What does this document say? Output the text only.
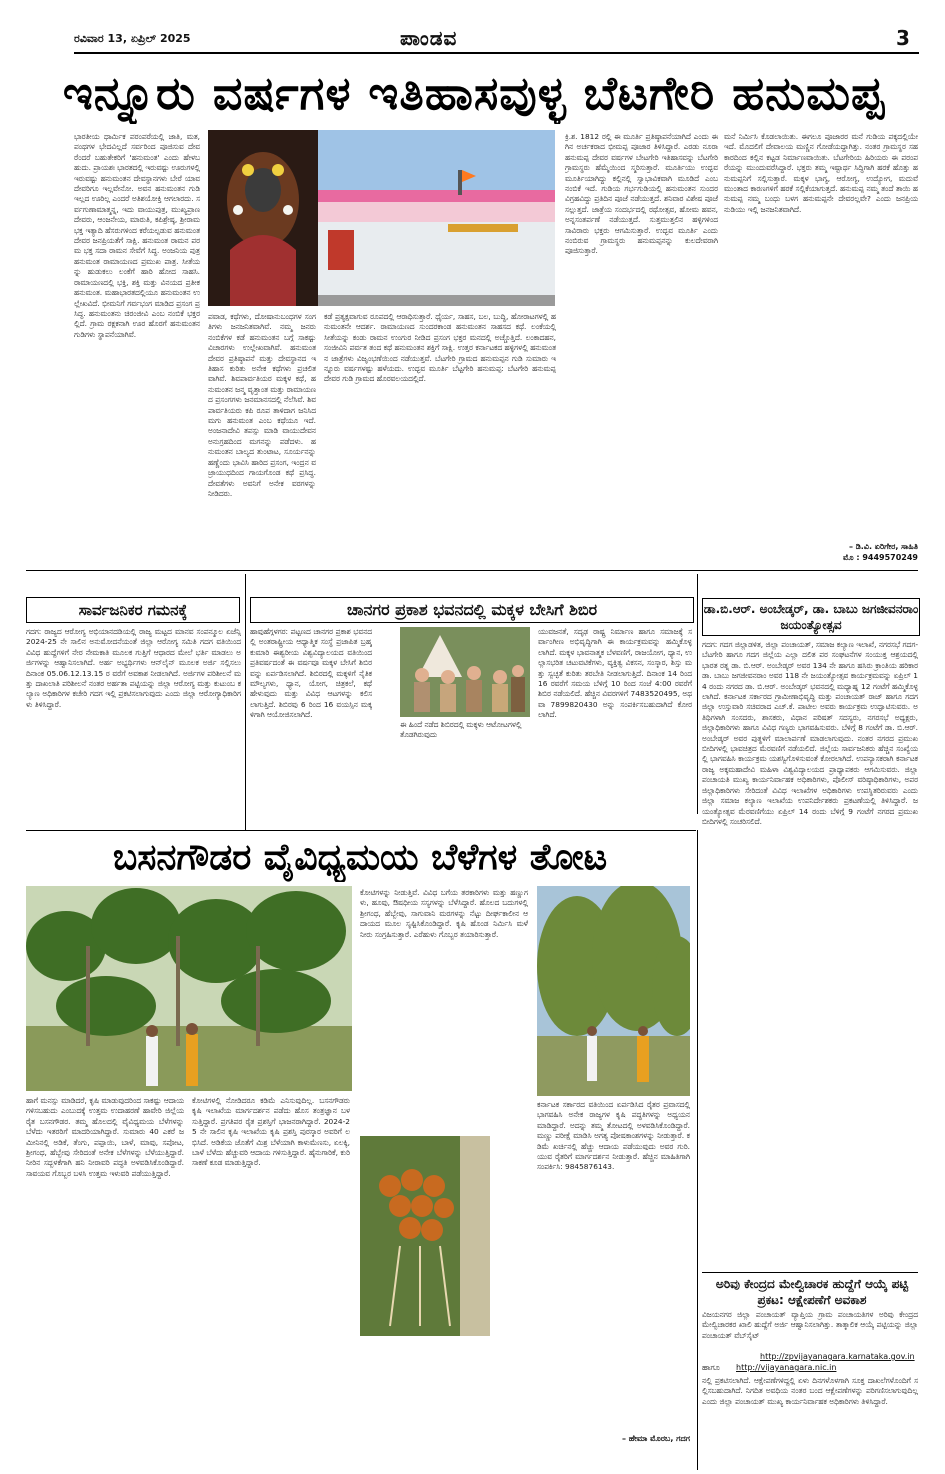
ರವಿವಾರ 13, ಏಪ್ರಿಲ್ 2025	ಪಾಂಡವ	3
ಇನ್ನೂರು ವರ್ಷಗಳ ಇತಿಹಾಸವುಳ್ಳ ಬೆಟಗೇರಿ ಹನುಮಪ್ಪ
ಪವಾಡ, ಕಥೆಗಳು, ದೋಷಾನುಬಂಧಗಳ ಸಂಗತಿಗಳು ಜನಜನಿತವಾಗಿವೆ. ನಮ್ಮ ಜನರು ನಂಬಿಕೆಗಳ ಕಡೆ ಹನುಮಂತನ ಬಗ್ಗೆ ಸಾಕಷ್ಟು ವಿಚಾರಗಳು ಉಲ್ಲೇಖವಾಗಿವೆ. ಹನುಮಂತ ದೇವರ ಪ್ರತಿಷ್ಠಾಪನೆ ಮತ್ತು ದೇವಸ್ಥಾನದ ಇತಿಹಾಸ ಕುರಿತು ಅನೇಕ ಕಥೆಗಳು ಪ್ರಚಲಿತವಾಗಿವೆ. ಶಿವಪಾರ್ವತಿಯರ ಮಕ್ಕಳ ಕಥೆ, ಹನುಮಂತನ ಜನ್ಮ ವೃತ್ತಾಂತ ಮತ್ತು ರಾಮಾಯಣದ ಪ್ರಸಂಗಗಳು ಜನಮಾನಸದಲ್ಲಿ ನೆಲೆಸಿವೆ. ಶಿವಪಾರ್ವತಿಯರು ಕಪಿ ರೂಪ ತಾಳಿದಾಗ ಜನಿಸಿದ ಮಗು ಹನುಮಂತ ಎಂಬ ಕಥೆಯೂ ಇದೆ. ಅಂಜನಾದೇವಿ ತಪಸ್ಸು ಮಾಡಿ ವಾಯುದೇವನ ಅನುಗ್ರಹದಿಂದ ಮಗನನ್ನು ಪಡೆದಳು. ಹನುಮಂತನ ಬಾಲ್ಯದ ತುಂಟಾಟ, ಸೂರ್ಯನನ್ನು ಹಣ್ಣೆಂದು ಭಾವಿಸಿ ಹಾರಿದ ಪ್ರಸಂಗ, ಇಂದ್ರನ ವಜ್ರಾಯುಧದಿಂದ ಗಾಯಗೊಂಡ ಕಥೆ ಪ್ರಸಿದ್ಧ. ದೇವತೆಗಳು ಅವನಿಗೆ ಅನೇಕ ವರಗಳನ್ನು ನೀಡಿದರು.
ಭಾರತೀಯ ಧಾರ್ಮಿಕ ಪರಂಪರೆಯಲ್ಲಿ ಜಾತಿ, ಮತ, ಪಂಥಗಳ ಭೇದವಿಲ್ಲದೆ ಸರ್ವರಿಂದ ಪೂಜಿಸುವ ದೇವರೆಂದರೆ ಬಹುತೇಕರಿಗೆ 'ಹನುಮಂತ' ಎಂದು ಹೇಳಬಹುದು. ಪ್ರಾಯಶಃ ಭಾರತದಲ್ಲಿ ಇರುವಷ್ಟು ಊರುಗಳಲ್ಲಿ ಇರುವಷ್ಟು ಹನುಮಂತನ ದೇವಸ್ಥಾನಗಳು ಬೇರೆ ಯಾವ ದೇವರಿಗೂ ಇಲ್ಲವೇನೋ. ಅವನ ಹನುಮಂತನ ಗುಡಿ ಇಲ್ಲದ ಊರಿಲ್ಲ ಎಂದರೆ ಅತಿಶಯೋಕ್ತಿ ಆಗಲಾರದು. ಸರ್ವಗುಣಾಮಾತ್ಮನ್ನ, ಇದು ವಾಯುಪುತ್ರ, ಮುಖ್ಯಪ್ರಾಣದೇವರು, ಆಂಜನೇಯ, ಮಾರುತಿ, ಕಪಿಶ್ರೇಷ್ಠ, ಶ್ರೀರಾಮಭಕ್ತ ಇತ್ಯಾದಿ ಹೆಸರುಗಳಿಂದ ಕರೆಯಲ್ಪಡುವ ಹನುಮಂತ ದೇವರ ಜನಪ್ರಿಯತೆಗೆ ಸಾಕ್ಷಿ. ಹನುಮಂತ ರಾಮನ ಪರಮ ಭಕ್ತ ಸದಾ ರಾಮನ ಸೇವೆಗೆ ಸಿದ್ಧ. ಅಂಜನಿಯ ಪುತ್ರ ಹನುಮಂತ ರಾಮಾಯಣದ ಪ್ರಮುಖ ಪಾತ್ರ. ಸೀತೆಯನ್ನು ಹುಡುಕಲು ಲಂಕೆಗೆ ಹಾರಿ ಹೋದ ಸಾಹಸಿ. ರಾಮಾಯಣದಲ್ಲಿ ಭಕ್ತಿ, ಶಕ್ತಿ ಮತ್ತು ವಿನಯದ ಪ್ರತೀಕ ಹನುಮಂತ. ಮಹಾಭಾರತದಲ್ಲಿಯೂ ಹನುಮಂತನ ಉಲ್ಲೇಖವಿದೆ. ಭೀಮನಿಗೆ ಗರ್ವಭಂಗ ಮಾಡಿದ ಪ್ರಸಂಗ ಪ್ರಸಿದ್ಧ. ಹನುಮಂತನು ಚಿರಂಜೀವಿ ಎಂಬ ನಂಬಿಕೆ ಭಕ್ತರಲ್ಲಿದೆ. ಗ್ರಾಮ ರಕ್ಷಕನಾಗಿ ಊರ ಹೊರಗೆ ಹನುಮಂತನ ಗುಡಿಗಳು ಸ್ಥಾಪನೆಯಾಗಿವೆ.
ಕಡೆ ಪ್ರತ್ಯಕ್ಷವಾಗುವ ರೂಪದಲ್ಲಿ ಆರಾಧಿಸುತ್ತಾರೆ. ಧೈರ್ಯ, ಸಾಹಸ, ಬಲ, ಬುದ್ಧಿ, ಹೋರಾಟಗಳಲ್ಲಿ ಹನುಮಂತನೇ ಆದರ್ಶ. ರಾಮಾಯಣದ ಸುಂದರಕಾಂಡ ಹನುಮಂತನ ಸಾಹಸದ ಕಥೆ. ಲಂಕೆಯಲ್ಲಿ ಸೀತೆಯನ್ನು ಕಂಡು ರಾಮನ ಉಂಗುರ ನೀಡಿದ ಪ್ರಸಂಗ ಭಕ್ತರ ಮನದಲ್ಲಿ ಅಚ್ಚೊತ್ತಿದೆ. ಲಂಕಾದಹನ, ಸಂಜೀವಿನಿ ಪರ್ವತ ತಂದ ಕಥೆ ಹನುಮಂತನ ಶಕ್ತಿಗೆ ಸಾಕ್ಷಿ. ಉತ್ತರ ಕರ್ನಾಟಕದ ಹಳ್ಳಿಗಳಲ್ಲಿ ಹನುಮಂತನ ಜಾತ್ರೆಗಳು ವಿಜೃಂಭಣೆಯಿಂದ ನಡೆಯುತ್ತವೆ. ಬೆಟಗೇರಿ ಗ್ರಾಮದ ಹನುಮಪ್ಪನ ಗುಡಿ ಸುಮಾರು ಇನ್ನೂರು ವರ್ಷಗಳಷ್ಟು ಹಳೆಯದು. ಉದ್ಭವ ಮೂರ್ತಿ ಬೆಟ್ಟಗೇರಿ ಹನುಮಪ್ಪ: ಬೆಟಗೇರಿ ಹನುಮಪ್ಪ ದೇವರ ಗುಡಿ ಗ್ರಾಮದ ಹೊರವಲಯದಲ್ಲಿದೆ.
ಕ್ರಿ.ಶ. 1812 ರಲ್ಲಿ ಈ ಮೂರ್ತಿ ಪ್ರತಿಷ್ಠಾಪನೆಯಾಗಿದೆ ಎಂದು ಈಗಿನ ಅರ್ಚಕರಾದ ಭೀಮಪ್ಪ ಪೂಜಾರ ತಿಳಿಸಿದ್ದಾರೆ. ಎರಡು ನೂರಾ ಹನುಮಪ್ಪ ದೇವರ ವರ್ಷಗಳ ಬೇಟಗೇರಿ ಇತಿಹಾಸವನ್ನು ಬೆಟಗೇರಿ ಗ್ರಾಮಸ್ಥರು ಹೆಮ್ಮೆಯಿಂದ ಸ್ಮರಿಸುತ್ತಾರೆ. ಮೂರ್ತಿಯು ಉದ್ಭವ ಮೂರ್ತಿಯಾಗಿದ್ದು ಕಲ್ಲಿನಲ್ಲಿ ಸ್ವಾಭಾವಿಕವಾಗಿ ಮೂಡಿದೆ ಎಂಬ ನಂಬಿಕೆ ಇದೆ. ಗುಡಿಯ ಗರ್ಭಗುಡಿಯಲ್ಲಿ ಹನುಮಂತನ ಸುಂದರ ವಿಗ್ರಹವಿದ್ದು ಪ್ರತಿದಿನ ಪೂಜೆ ನಡೆಯುತ್ತದೆ. ಶನಿವಾರ ವಿಶೇಷ ಪೂಜೆ ಸಲ್ಲುತ್ತದೆ. ಜಾತ್ರೆಯ ಸಂದರ್ಭದಲ್ಲಿ ರಥೋತ್ಸವ, ಹೋಮ ಹವನ, ಅನ್ನಸಂತರ್ಪಣೆ ನಡೆಯುತ್ತದೆ. ಸುತ್ತಮುತ್ತಲಿನ ಹಳ್ಳಿಗಳಿಂದ ಸಾವಿರಾರು ಭಕ್ತರು ಆಗಮಿಸುತ್ತಾರೆ. ಉದ್ಭವ ಮೂರ್ತಿ ಎಂದು ನಂಬಿರುವ ಗ್ರಾಮಸ್ಥರು ಹನುಮಪ್ಪನನ್ನು ಕುಲದೇವರಾಗಿ ಪೂಜಿಸುತ್ತಾರೆ.
ಮನೆ ನಿರ್ಮಿಸಿ ಕೊಡಲಾಯಿತು. ಈಗಲೂ ಪೂಜಾರರ ಮನೆ ಗುಡಿಯ ಪಕ್ಕದಲ್ಲಿಯೇ ಇದೆ. ಮೊದಲಿಗೆ ದೇವಾಲಯ ಮಣ್ಣಿನ ಗೋಡೆಯದ್ದಾಗಿತ್ತು. ನಂತರ ಗ್ರಾಮಸ್ಥರ ಸಹಕಾರದಿಂದ ಕಲ್ಲಿನ ಕಟ್ಟಡ ನಿರ್ಮಾಣವಾಯಿತು. ಬೆಟಗೇರಿಯ ಹಿರಿಯರು ಈ ಪರಂಪರೆಯನ್ನು ಮುಂದುವರೆಸಿದ್ದಾರೆ. ಭಕ್ತರು ತಮ್ಮ ಇಷ್ಟಾರ್ಥ ಸಿದ್ಧಿಗಾಗಿ ಹರಕೆ ಹೊತ್ತು ಹನುಮಪ್ಪನಿಗೆ ಸಲ್ಲಿಸುತ್ತಾರೆ. ಮಕ್ಕಳ ಭಾಗ್ಯ, ಆರೋಗ್ಯ, ಉದ್ಯೋಗ, ಮದುವೆ ಮುಂತಾದ ಕಾರಣಗಳಿಗೆ ಹರಕೆ ಸಲ್ಲಿಕೆಯಾಗುತ್ತದೆ. ಹನುಮಪ್ಪ ನಮ್ಮ ತಂದೆ ತಾಯಿ ಹನುಮಪ್ಪ ನಮ್ಮ ಬಂಧು ಬಳಗ ಹನುಮಪ್ಪನೇ ದೇವರಲ್ಲವೇ? ಎಂದು ಜನಪ್ರಿಯ ನುಡಿಯು ಇಲ್ಲಿ ಜನಜನಿತವಾಗಿದೆ.
– ಡಿ.ವಿ. ಏರಿಗೇರ, ಸಾಹಿತಿ
ಮೊ : 9449570249
ಸಾರ್ವಜನಿಕರ ಗಮನಕ್ಕೆ
ಗದಗ: ರಾಜ್ಯದ ಆರೋಗ್ಯ ಅಭಿಯಾನದಡಿಯಲ್ಲಿ ರಾಜ್ಯ ಮಟ್ಟದ ಮಾನವ ಸಂಪನ್ಮೂಲ ಏಜೆನ್ಸಿ 2024-25 ನೇ ಸಾಲಿನ ಅನುಮೋದನೆಯಂತೆ ಜಿಲ್ಲಾ ಆರೋಗ್ಯ ಸಮಿತಿ ಗದಗ ವತಿಯಿಂದ ವಿವಿಧ ಹುದ್ದೆಗಳಿಗೆ ನೇರ ನೇಮಕಾತಿ ಮೂಲಕ ಗುತ್ತಿಗೆ ಆಧಾರದ ಮೇಲೆ ಭರ್ತಿ ಮಾಡಲು ಅರ್ಜಿಗಳನ್ನು ಆಹ್ವಾನಿಸಲಾಗಿದೆ. ಅರ್ಹ ಅಭ್ಯರ್ಥಿಗಳು ಆನ್‌ಲೈನ್ ಮೂಲಕ ಅರ್ಜಿ ಸಲ್ಲಿಸಲು ದಿನಾಂಕ 05.06.12.13.15 ರ ವರೆಗೆ ಅವಕಾಶ ನೀಡಲಾಗಿದೆ. ಅರ್ಜಿಗಳ ಪರಿಶೀಲನೆ ಮತ್ತು ದಾಖಲಾತಿ ಪರಿಶೀಲನೆ ನಂತರ ಅರ್ಹತಾ ಪಟ್ಟಿಯನ್ನು ಜಿಲ್ಲಾ ಆರೋಗ್ಯ ಮತ್ತು ಕುಟುಂಬ ಕಲ್ಯಾಣ ಅಧಿಕಾರಿಗಳ ಕಚೇರಿ ಗದಗ ಇಲ್ಲಿ ಪ್ರಕಟಿಸಲಾಗುವುದು ಎಂದು ಜಿಲ್ಲಾ ಆರೋಗ್ಯಾಧಿಕಾರಿಗಳು ತಿಳಿಸಿದ್ದಾರೆ.
ಚಾನಗರ ಪ್ರಕಾಶ ಭವನದಲ್ಲಿ ಮಕ್ಕಳ ಬೇಸಿಗೆ ಶಿಬಿರ
ಹಾವುಹೆಗ್ಗಳಗರ: ಪಟ್ಟಣದ ಚಾನಗರ ಪ್ರಕಾಶ ಭವನದಲ್ಲಿ ಅಂತರಾಷ್ಟ್ರೀಯ ಆಧ್ಯಾತ್ಮಿಕ ಸಂಸ್ಥೆ ಪ್ರಜಾಪಿತ ಬ್ರಹ್ಮಕುಮಾರಿ ಈಶ್ವರೀಯ ವಿಶ್ವವಿದ್ಯಾಲಯದ ವತಿಯಿಂದ ಪ್ರತಿವರ್ಷದಂತೆ ಈ ವರ್ಷವೂ ಮಕ್ಕಳ ಬೇಸಿಗೆ ಶಿಬಿರವನ್ನು ಏರ್ಪಡಿಸಲಾಗಿದೆ. ಶಿಬಿರದಲ್ಲಿ ಮಕ್ಕಳಿಗೆ ನೈತಿಕ ಮೌಲ್ಯಗಳು, ಧ್ಯಾನ, ಯೋಗ, ಚಿತ್ರಕಲೆ, ಕಥೆ ಹೇಳುವುದು ಮತ್ತು ವಿವಿಧ ಆಟಗಳನ್ನು ಕಲಿಸಲಾಗುತ್ತಿದೆ. ಶಿಬಿರವು 6 ರಿಂದ 16 ವಯಸ್ಸಿನ ಮಕ್ಕಳಿಗಾಗಿ ಆಯೋಜಿಸಲಾಗಿದೆ.
ಈ ಹಿಂದೆ ನಡೆದ ಶಿಬಿರದಲ್ಲಿ ಮಕ್ಕಳು ಆಟೋಟಗಳಲ್ಲಿ ತೊಡಗಿರುವುದು
ಯುವಜನತೆ, ಸದೃಢ ರಾಷ್ಟ್ರ ನಿರ್ಮಾಣ ಹಾಗೂ ಸಮಾಜಕ್ಕೆ ಸರ್ವಾಂಗೀಣ ಅಭಿವೃದ್ಧಿಗಾಗಿ ಈ ಕಾರ್ಯಕ್ರಮವನ್ನು ಹಮ್ಮಿಕೊಳ್ಳಲಾಗಿದೆ. ಮಕ್ಕಳ ಭಾವನಾತ್ಮಕ ಬೆಳವಣಿಗೆ, ರಾಜಯೋಗ, ಧ್ಯಾನ, ಉಲ್ಲಾಸಭರಿತ ಚಟುವಟಿಕೆಗಳು, ವ್ಯಕ್ತಿತ್ವ ವಿಕಸನ, ಸಂಸ್ಕಾರ, ಶಿಸ್ತು ಮತ್ತು ಸ್ವಚ್ಛತೆ ಕುರಿತು ತರಬೇತಿ ನೀಡಲಾಗುತ್ತಿದೆ. ದಿನಾಂಕ 14 ರಿಂದ 16 ರವರೆಗೆ ಸಮಯ ಬೆಳಿಗ್ಗೆ 10 ರಿಂದ ಸಂಜೆ 4:00 ರವರೆಗೆ ಶಿಬಿರ ನಡೆಯಲಿದೆ. ಹೆಚ್ಚಿನ ವಿವರಗಳಿಗೆ 7483520495, ಅಥವಾ 7899820430 ಅನ್ನು ಸಂಪರ್ಕಿಸಬಹುದಾಗಿದೆ ಕೋರಲಾಗಿದೆ.
ಡಾ.ಬಿ.ಆರ್. ಅಂಬೇಡ್ಕರ್, ಡಾ. ಬಾಬು ಜಗಜೀವನರಾಂ ಜಯಂತ್ಯೋತ್ಸವ
ಗದಗ: ಗದಗ ಜಿಲ್ಲಾಡಳಿತ, ಜಿಲ್ಲಾ ಪಂಚಾಯತ್, ಸಮಾಜ ಕಲ್ಯಾಣ ಇಲಾಖೆ, ನಗರಸಭೆ ಗದಗ-ಬೆಟಗೇರಿ ಹಾಗೂ ಗದಗ ಜಿಲ್ಲೆಯ ಎಲ್ಲಾ ದಲಿತ ಪರ ಸಂಘಟನೆಗಳ ಸಂಯುಕ್ತ ಆಶ್ರಯದಲ್ಲಿ ಭಾರತ ರತ್ನ ಡಾ. ಬಿ.ಆರ್. ಅಂಬೇಡ್ಕರ್ ಅವರ 134 ನೇ ಹಾಗೂ ಹಸಿರು ಕ್ರಾಂತಿಯ ಹರಿಕಾರ ಡಾ. ಬಾಬು ಜಗಜೀವನರಾಂ ಅವರ 118 ನೇ ಜಯಂತ್ಯೋತ್ಸವ ಕಾರ್ಯಕ್ರಮವನ್ನು ಏಪ್ರಿಲ್ 14 ರಂದು ನಗರದ ಡಾ. ಬಿ.ಆರ್. ಅಂಬೇಡ್ಕರ್ ಭವನದಲ್ಲಿ ಮಧ್ಯಾಹ್ನ 12 ಗಂಟೆಗೆ ಹಮ್ಮಿಕೊಳ್ಳಲಾಗಿದೆ. ಕರ್ನಾಟಕ ಸರ್ಕಾರದ ಗ್ರಾಮೀಣಾಭಿವೃದ್ಧಿ ಮತ್ತು ಪಂಚಾಯತ್ ರಾಜ್ ಹಾಗೂ ಗದಗ ಜಿಲ್ಲಾ ಉಸ್ತುವಾರಿ ಸಚಿವರಾದ ಎಚ್.ಕೆ. ಪಾಟೀಲ ಅವರು ಕಾರ್ಯಕ್ರಮ ಉದ್ಘಾಟಿಸುವರು. ಅತಿಥಿಗಳಾಗಿ ಸಂಸದರು, ಶಾಸಕರು, ವಿಧಾನ ಪರಿಷತ್ ಸದಸ್ಯರು, ನಗರಸಭೆ ಅಧ್ಯಕ್ಷರು, ಜಿಲ್ಲಾಧಿಕಾರಿಗಳು ಹಾಗೂ ವಿವಿಧ ಗಣ್ಯರು ಭಾಗವಹಿಸುವರು. ಬೆಳಿಗ್ಗೆ 8 ಗಂಟೆಗೆ ಡಾ. ಬಿ.ಆರ್. ಅಂಬೇಡ್ಕರ್ ಅವರ ಪುತ್ಥಳಿಗೆ ಮಾಲಾರ್ಪಣೆ ಮಾಡಲಾಗುವುದು. ನಂತರ ನಗರದ ಪ್ರಮುಖ ಬೀದಿಗಳಲ್ಲಿ ಭಾವಚಿತ್ರದ ಮೆರವಣಿಗೆ ನಡೆಯಲಿದೆ. ಜಿಲ್ಲೆಯ ಸಾರ್ವಜನಿಕರು ಹೆಚ್ಚಿನ ಸಂಖ್ಯೆಯಲ್ಲಿ ಭಾಗವಹಿಸಿ ಕಾರ್ಯಕ್ರಮ ಯಶಸ್ವಿಗೊಳಿಸುವಂತೆ ಕೋರಲಾಗಿದೆ. ಉಪನ್ಯಾಸಕರಾಗಿ ಕರ್ನಾಟಕ ರಾಜ್ಯ ಅಕ್ಕಮಹಾದೇವಿ ಮಹಿಳಾ ವಿಶ್ವವಿದ್ಯಾಲಯದ ಪ್ರಾಧ್ಯಾಪಕರು ಆಗಮಿಸುವರು. ಜಿಲ್ಲಾ ಪಂಚಾಯತಿ ಮುಖ್ಯ ಕಾರ್ಯನಿರ್ವಾಹಕ ಅಧಿಕಾರಿಗಳು, ಪೊಲೀಸ್ ವರಿಷ್ಠಾಧಿಕಾರಿಗಳು, ಅಪರ ಜಿಲ್ಲಾಧಿಕಾರಿಗಳು ಸೇರಿದಂತೆ ವಿವಿಧ ಇಲಾಖೆಗಳ ಅಧಿಕಾರಿಗಳು ಉಪಸ್ಥಿತರಿರುವರು ಎಂದು ಜಿಲ್ಲಾ ಸಮಾಜ ಕಲ್ಯಾಣ ಇಲಾಖೆಯ ಉಪನಿರ್ದೇಶಕರು ಪ್ರಕಟಣೆಯಲ್ಲಿ ತಿಳಿಸಿದ್ದಾರೆ. ಜಯಂತ್ಯೋತ್ಸವ ಮೆರವಣಿಗೆಯು ಏಪ್ರಿಲ್ 14 ರಂದು ಬೆಳಿಗ್ಗೆ 9 ಗಂಟೆಗೆ ನಗರದ ಪ್ರಮುಖ ಬೀದಿಗಳಲ್ಲಿ ಸಂಚರಿಸಲಿದೆ.
ಬಸನಗೌಡರ ವೈವಿಧ್ಯಮಯ ಬೆಳೆಗಳ ತೋಟ
ಹಾಗೆ ಮನಸ್ಸು ಮಾಡಿದರೆ, ಕೃಷಿ ಮಾಡುವುದರಿಂದ ಸಾಕಷ್ಟು ಆದಾಯ ಗಳಿಸಬಹುದು ಎಂಬುದಕ್ಕೆ ಉತ್ತಮ ಉದಾಹರಣೆ ಹಾವೇರಿ ಜಿಲ್ಲೆಯ ರೈತ ಬಸನಗೌಡರ. ತಮ್ಮ ಹೊಲದಲ್ಲಿ ವೈವಿಧ್ಯಮಯ ಬೆಳೆಗಳನ್ನು ಬೆಳೆದು ಇತರರಿಗೆ ಮಾದರಿಯಾಗಿದ್ದಾರೆ. ಸುಮಾರು 40 ಎಕರೆ ಜಮೀನಿನಲ್ಲಿ ಅಡಿಕೆ, ತೆಂಗು, ಪಪ್ಪಾಯಿ, ಬಾಳೆ, ಮಾವು, ಸಪೋಟ, ಶ್ರೀಗಂಧ, ಹೆಬ್ಬೇವು ಸೇರಿದಂತೆ ಅನೇಕ ಬೆಳೆಗಳನ್ನು ಬೆಳೆಯುತ್ತಿದ್ದಾರೆ. ನೀರಿನ ಸದ್ಬಳಕೆಗಾಗಿ ಹನಿ ನೀರಾವರಿ ಪದ್ಧತಿ ಅಳವಡಿಸಿಕೊಂಡಿದ್ದಾರೆ. ಸಾವಯವ ಗೊಬ್ಬರ ಬಳಸಿ ಉತ್ತಮ ಇಳುವರಿ ಪಡೆಯುತ್ತಿದ್ದಾರೆ.
ಕೋಟಿಗಳಲ್ಲಿ ನೋಡಿದರೂ ಕಡಿಮೆ ಎನಿಸುವುದಿಲ್ಲ. ಬಸನಗೌಡರು ಕೃಷಿ ಇಲಾಖೆಯ ಮಾರ್ಗದರ್ಶನ ಪಡೆದು ಹೊಸ ತಂತ್ರಜ್ಞಾನ ಬಳಸುತ್ತಿದ್ದಾರೆ. ಪ್ರಗತಿಪರ ರೈತ ಪ್ರಶಸ್ತಿಗೆ ಭಾಜನರಾಗಿದ್ದಾರೆ. 2024-25 ನೇ ಸಾಲಿನ ಕೃಷಿ ಇಲಾಖೆಯ ಕೃಷಿ ಪ್ರಶಸ್ತಿ ಪುರಸ್ಕಾರ ಅವರಿಗೆ ಲಭಿಸಿದೆ. ಅಡಿಕೆಯ ಜೊತೆಗೆ ಮಿಶ್ರ ಬೆಳೆಯಾಗಿ ಕಾಳುಮೆಣಸು, ಏಲಕ್ಕಿ, ಬಾಳೆ ಬೆಳೆದು ಹೆಚ್ಚುವರಿ ಆದಾಯ ಗಳಿಸುತ್ತಿದ್ದಾರೆ. ಹೈನುಗಾರಿಕೆ, ಕುರಿ ಸಾಕಣೆ ಕೂಡ ಮಾಡುತ್ತಿದ್ದಾರೆ.
ಕೋಟಿಗಳನ್ನು ನೀಡುತ್ತಿವೆ. ವಿವಿಧ ಬಗೆಯ ತರಕಾರಿಗಳು ಮತ್ತು ಹಣ್ಣುಗಳು, ಹೂವು, ಔಷಧೀಯ ಸಸ್ಯಗಳನ್ನು ಬೆಳೆಸಿದ್ದಾರೆ. ಹೊಲದ ಬದುಗಳಲ್ಲಿ ಶ್ರೀಗಂಧ, ಹೆಬ್ಬೇವು, ಸಾಗುವಾನಿ ಮರಗಳನ್ನು ನೆಟ್ಟು ದೀರ್ಘಕಾಲೀನ ಆದಾಯದ ಮೂಲ ಸೃಷ್ಟಿಸಿಕೊಂಡಿದ್ದಾರೆ. ಕೃಷಿ ಹೊಂಡ ನಿರ್ಮಿಸಿ ಮಳೆ ನೀರು ಸಂಗ್ರಹಿಸುತ್ತಾರೆ. ಎರೆಹುಳು ಗೊಬ್ಬರ ತಯಾರಿಸುತ್ತಾರೆ.
ಕರ್ನಾಟಕ ಸರ್ಕಾರದ ವತಿಯಿಂದ ಏರ್ಪಡಿಸಿದ ರೈತರ ಪ್ರವಾಸದಲ್ಲಿ ಭಾಗವಹಿಸಿ ಅನೇಕ ರಾಜ್ಯಗಳ ಕೃಷಿ ಪದ್ಧತಿಗಳನ್ನು ಅಧ್ಯಯನ ಮಾಡಿದ್ದಾರೆ. ಅದನ್ನು ತಮ್ಮ ತೋಟದಲ್ಲಿ ಅಳವಡಿಸಿಕೊಂಡಿದ್ದಾರೆ. ಮಣ್ಣು ಪರೀಕ್ಷೆ ಮಾಡಿಸಿ ಅಗತ್ಯ ಪೋಷಕಾಂಶಗಳನ್ನು ನೀಡುತ್ತಾರೆ. ಕಡಿಮೆ ಖರ್ಚಿನಲ್ಲಿ ಹೆಚ್ಚು ಆದಾಯ ಪಡೆಯುವುದು ಅವರ ಗುರಿ. ಯುವ ರೈತರಿಗೆ ಮಾರ್ಗದರ್ಶನ ನೀಡುತ್ತಾರೆ. ಹೆಚ್ಚಿನ ಮಾಹಿತಿಗಾಗಿ ಸಂಪರ್ಕಿಸಿ: 9845876143.
– ಹೇಮಾ ಮೊರಬ, ಗದಗ
ಅರಿವು ಕೇಂದ್ರದ ಮೇಲ್ವಿಚಾರಕ ಹುದ್ದೆಗೆ ಆಯ್ಕೆ ಪಟ್ಟಿ ಪ್ರಕಟ: ಆಕ್ಷೇಪಣೆಗೆ ಅವಕಾಶ
ವಿಜಯನಗರ ಜಿಲ್ಲಾ ಪಂಚಾಯತ್ ವ್ಯಾಪ್ತಿಯ ಗ್ರಾಮ ಪಂಚಾಯತಿಗಳ ಅರಿವು ಕೇಂದ್ರದ ಮೇಲ್ವಿಚಾರಕರ ಖಾಲಿ ಹುದ್ದೆಗೆ ಅರ್ಜಿ ಆಹ್ವಾನಿಸಲಾಗಿತ್ತು. ತಾತ್ಕಾಲಿಕ ಆಯ್ಕೆ ಪಟ್ಟಿಯನ್ನು ಜಿಲ್ಲಾ ಪಂಚಾಯತ್ ವೆಬ್‌ಸೈಟ್
http://zpvijayanagara.karnataka.gov.in
ಹಾಗೂ	http://vijayanagara.nic.in
ನಲ್ಲಿ ಪ್ರಕಟಿಸಲಾಗಿದೆ. ಆಕ್ಷೇಪಣೆಗಳಿದ್ದಲ್ಲಿ ಏಳು ದಿನಗಳೊಳಗಾಗಿ ಸೂಕ್ತ ದಾಖಲೆಗಳೊಂದಿಗೆ ಸಲ್ಲಿಸಬಹುದಾಗಿದೆ. ನಿಗದಿತ ಅವಧಿಯ ನಂತರ ಬಂದ ಆಕ್ಷೇಪಣೆಗಳನ್ನು ಪರಿಗಣಿಸಲಾಗುವುದಿಲ್ಲ ಎಂದು ಜಿಲ್ಲಾ ಪಂಚಾಯತ್ ಮುಖ್ಯ ಕಾರ್ಯನಿರ್ವಾಹಕ ಅಧಿಕಾರಿಗಳು ತಿಳಿಸಿದ್ದಾರೆ.
